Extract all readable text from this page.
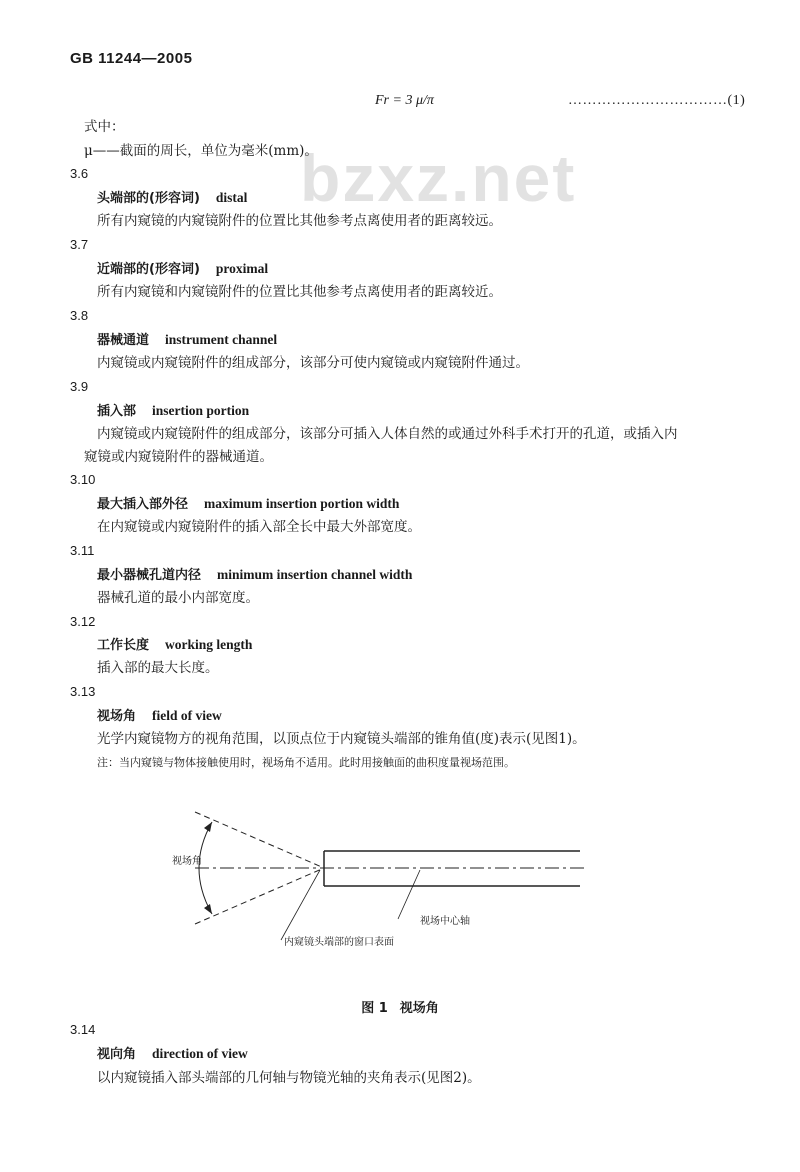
GB 11244—2005
Fr = 3 μ/π	……………………………(1)
bzxz.net
式中：
μ——截面的周长，单位为毫米(mm)。
3.6
头端部的(形容词) distal
所有内窥镜的内窥镜附件的位置比其他参考点离使用者的距离较远。
3.7
近端部的(形容词) proximal
所有内窥镜和内窥镜附件的位置比其他参考点离使用者的距离较近。
3.8
器械通道 instrument channel
内窥镜或内窥镜附件的组成部分，该部分可使内窥镜或内窥镜附件通过。
3.9
插入部 insertion portion
内窥镜或内窥镜附件的组成部分，该部分可插入人体自然的或通过外科手术打开的孔道，或插入内
窥镜或内窥镜附件的器械通道。
3.10
最大插入部外径 maximum insertion portion width
在内窥镜或内窥镜附件的插入部全长中最大外部宽度。
3.11
最小器械孔道内径 minimum insertion channel width
器械孔道的最小内部宽度。
3.12
工作长度 working length
插入部的最大长度。
3.13
视场角 field of view
光学内窥镜物方的视角范围，以顶点位于内窥镜头端部的锥角值(度)表示(见图1)。
注：当内窥镜与物体接触使用时，视场角不适用。此时用接触面的曲积度量视场范围。
视场角
视场中心轴
内窥镜头端部的窗口表面
图 1 视场角
3.14
视向角 direction of view
以内窥镜插入部头端部的几何轴与物镜光轴的夹角表示(见图2)。
